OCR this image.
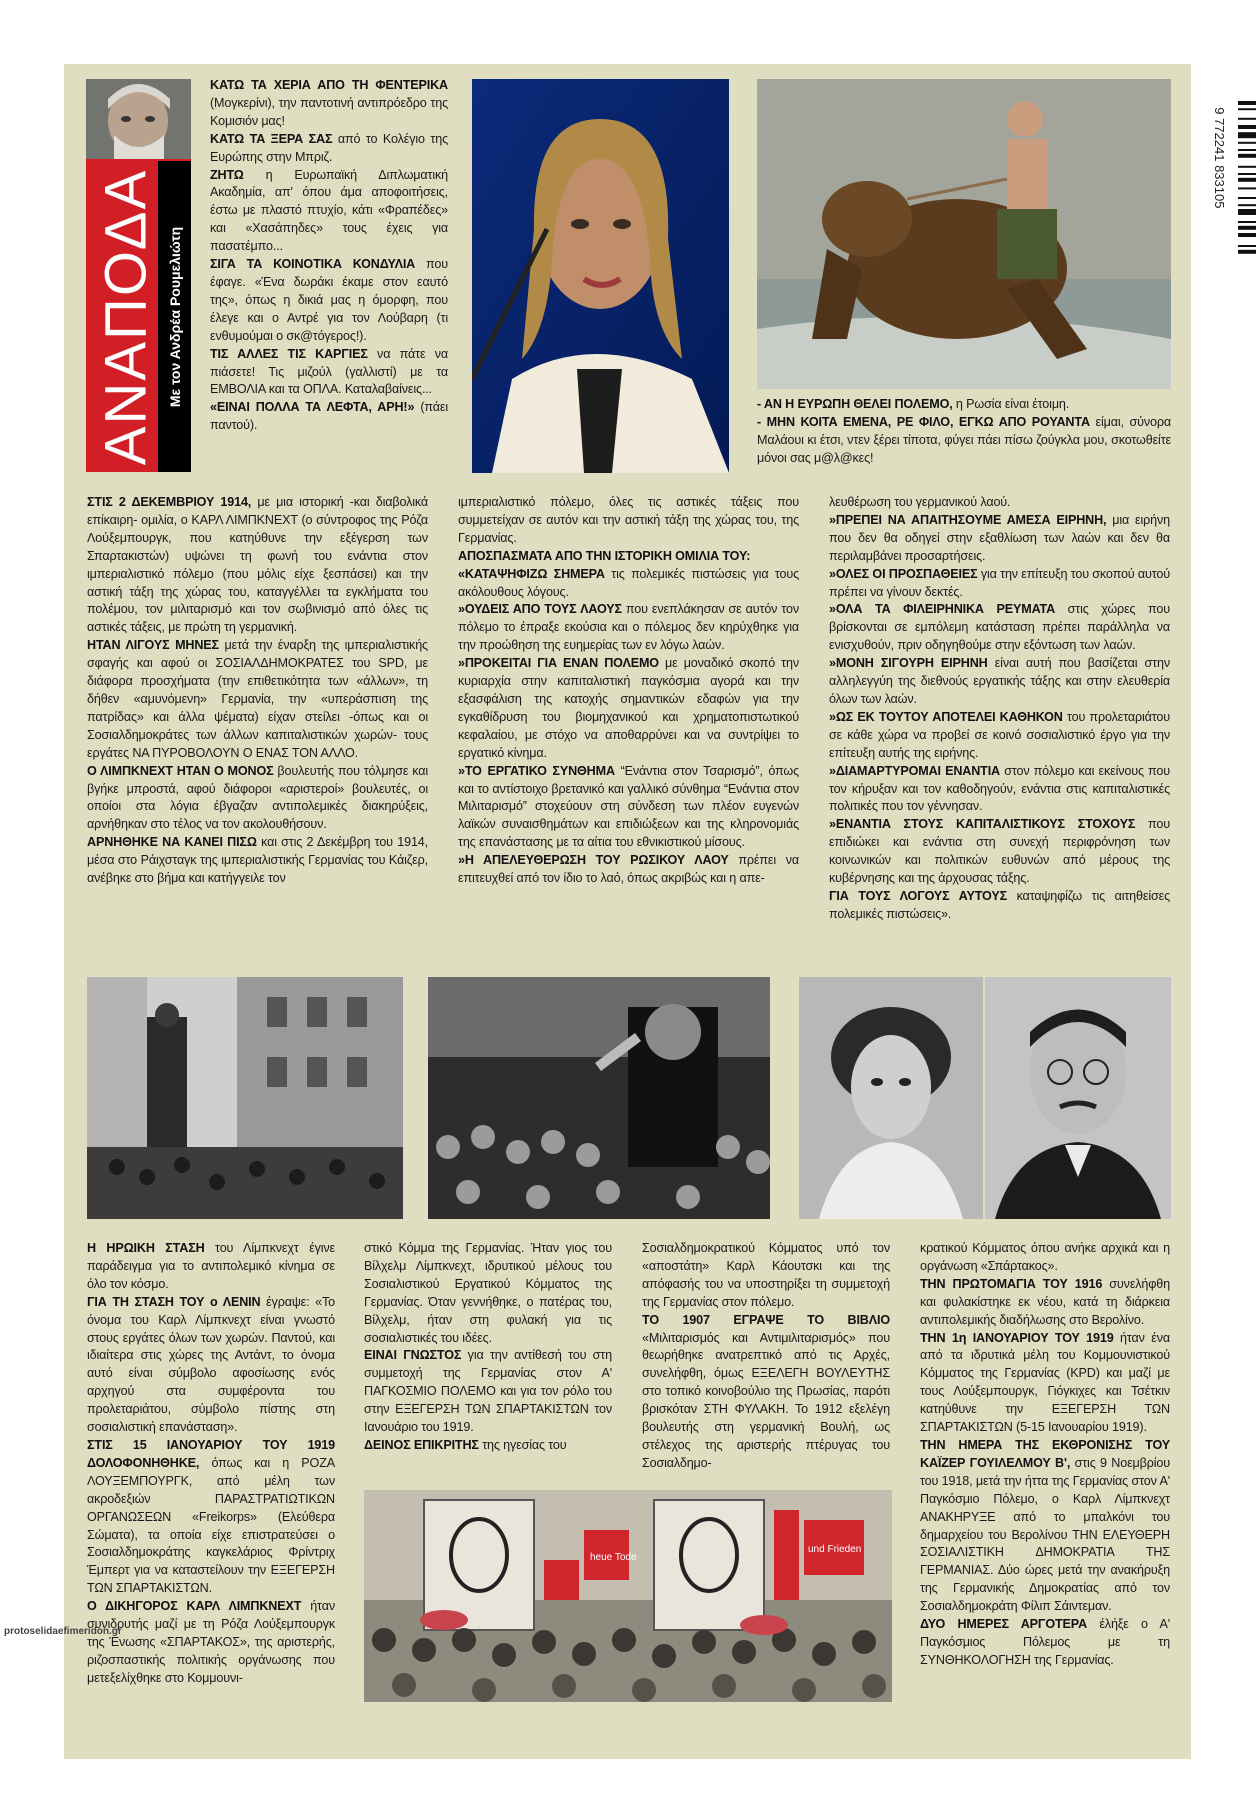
ΑΝΑΠΟΔΑ Με τον Ανδρέα Ρουμελιώτη

ΚΑΤΩ ΤΑ ΧΕΡΙΑ ΑΠΟ ΤΗ ΦΕΝΤΕΡΙΚΑ (Μογκερίνι), την παντοτινή αντιπρόεδρο της Κομισιόν μας!

ΚΑΤΩ ΤΑ ΞΕΡΑ ΣΑΣ από το Κολέγιο της Ευρώπης στην Μπριζ.

ΖΗΤΩ η Ευρωπαϊκή Διπλωματική Ακαδημία, απ' όπου άμα αποφοιτήσεις, έστω με πλαστό πτυχίο, κάτι «Φραπέδες» και «Χασάπηδες» τους έχεις για πασατέμπο...

ΣΙΓΑ ΤΑ ΚΟΙΝΟΤΙΚΑ ΚΟΝΔΥΛΙΑ που έφαγε. «Ένα δωράκι έκαμε στον εαυτό της», όπως η δικιά μας η όμορφη, που έλεγε και ο Αντρέ για τον Λούβαρη (τι ενθυμούμαι ο σκ@τόγερος!).

ΤΙΣ ΑΛΛΕΣ ΤΙΣ ΚΑΡΓΙΕΣ να πάτε να πιάσετε! Τις μιζούλ (γαλλιστί) με τα ΕΜΒΟΛΙΑ και τα ΟΠΛΑ. Καταλαβαίνεις...

«ΕΙΝΑΙ ΠΟΛΛΑ ΤΑ ΛΕΦΤΑ, ΑΡΗ!» (πάει παντού).

- ΑΝ Η ΕΥΡΩΠΗ ΘΕΛΕΙ ΠΟΛΕΜΟ, η Ρωσία είναι έτοιμη.

- ΜΗΝ ΚΟΙΤΑ ΕΜΕΝΑ, ΡΕ ΦΙΛΟ, ΕΓΚΩ ΑΠΟ ΡΟΥΑΝΤΑ είμαι, σύνορα Μαλάουι κι έτσι, ντεν ξέρει τίποτα, φύγει πάει πίσω ζούγκλα μου, σκοτωθείτε μόνοι σας μ@λ@κες!

ΣΤΙΣ 2 ΔΕΚΕΜΒΡΙΟΥ 1914, με μια ιστορική -και διαβολικά επίκαιρη- ομιλία, ο ΚΑΡΛ ΛΙΜΠΚΝΕΧΤ (ο σύντροφος της Ρόζα Λούξεμπουργκ, που κατηύθυνε την εξέγερση των Σπαρτακιστών) υψώνει τη φωνή του ενάντια στον ιμπεριαλιστικό πόλεμο (που μόλις είχε ξεσπάσει) και την αστική τάξη της χώρας του, καταγγέλλει τα εγκλήματα του πολέμου, τον μιλιταρισμό και τον σωβινισμό από όλες τις αστικές τάξεις, με πρώτη τη γερμανική.

ΗΤΑΝ ΛΙΓΟΥΣ ΜΗΝΕΣ μετά την έναρξη της ιμπεριαλιστικής σφαγής και αφού οι ΣΟΣΙΑΛΔΗΜΟΚΡΑΤΕΣ του SPD, με διάφορα προσχήματα (την επιθετικότητα των «άλλων», τη δήθεν «αμυνόμενη» Γερμανία, την «υπεράσπιση της πατρίδας» και άλλα ψέματα) είχαν στείλει -όπως και οι Σοσιαλδημοκράτες των άλλων καπιταλιστικών χωρών- τους εργάτες ΝΑ ΠΥΡΟΒΟΛΟΥΝ Ο ΕΝΑΣ ΤΟΝ ΑΛΛΟ.

Ο ΛΙΜΠΚΝΕΧΤ ΗΤΑΝ Ο ΜΟΝΟΣ βουλευτής που τόλμησε και βγήκε μπροστά, αφού διάφοροι «αριστεροί» βουλευτές, οι οποίοι στα λόγια έβγαζαν αντιπολεμικές διακηρύξεις, αρνήθηκαν στο τέλος να τον ακολουθήσουν.

ΑΡΝΗΘΗΚΕ ΝΑ ΚΑΝΕΙ ΠΙΣΩ και στις 2 Δεκέμβρη του 1914, μέσα στο Ράιχσταγκ της ιμπεριαλιστικής Γερμανίας του Κάιζερ, ανέβηκε στο βήμα και κατήγγειλε τον

ιμπεριαλιστικό πόλεμο, όλες τις αστικές τάξεις που συμμετείχαν σε αυτόν και την αστική τάξη της χώρας του, της Γερμανίας.

ΑΠΟΣΠΑΣΜΑΤΑ ΑΠΟ ΤΗΝ ΙΣΤΟΡΙΚΗ ΟΜΙΛΙΑ ΤΟΥ:

«ΚΑΤΑΨΗΦΙΖΩ ΣΗΜΕΡΑ τις πολεμικές πιστώσεις για τους ακόλουθους λόγους.

»ΟΥΔΕΙΣ ΑΠΟ ΤΟΥΣ ΛΑΟΥΣ που ενεπλάκησαν σε αυτόν τον πόλεμο το έπραξε εκούσια και ο πόλεμος δεν κηρύχθηκε για την προώθηση της ευημερίας των εν λόγω λαών.

»ΠΡΟΚΕΙΤΑΙ ΓΙΑ ΕΝΑΝ ΠΟΛΕΜΟ με μοναδικό σκοπό την κυριαρχία στην καπιταλιστική παγκόσμια αγορά και την εξασφάλιση της κατοχής σημαντικών εδαφών για την εγκαθίδρυση του βιομηχανικού και χρηματοπιστωτικού κεφαλαίου, με στόχο να αποθαρρύνει και να συντρίψει το εργατικό κίνημα.

»ΤΟ ΕΡΓΑΤΙΚΟ ΣΥΝΘΗΜΑ “Ενάντια στον Τσαρισμό”, όπως και το αντίστοιχο βρετανικό και γαλλικό σύνθημα “Ενάντια στον Μιλιταρισμό” στοχεύουν στη σύνδεση των πλέον ευγενών λαϊκών συναισθημάτων και επιδιώξεων και της κληρονομιάς της επανάστασης με τα αίτια του εθνικιστικού μίσους.

»Η ΑΠΕΛΕΥΘΕΡΩΣΗ ΤΟΥ ΡΩΣΙΚΟΥ ΛΑΟΥ πρέπει να επιτευχθεί από τον ίδιο το λαό, όπως ακριβώς και η απε-

λευθέρωση του γερμανικού λαού.

»ΠΡΕΠΕΙ ΝΑ ΑΠΑΙΤΗΣΟΥΜΕ ΑΜΕΣΑ ΕΙΡΗΝΗ, μια ειρήνη που δεν θα οδηγεί στην εξαθλίωση των λαών και δεν θα περιλαμβάνει προσαρτήσεις.

»ΟΛΕΣ ΟΙ ΠΡΟΣΠΑΘΕΙΕΣ για την επίτευξη του σκοπού αυτού πρέπει να γίνουν δεκτές.

»ΟΛΑ ΤΑ ΦΙΛΕΙΡΗΝΙΚΑ ΡΕΥΜΑΤΑ στις χώρες που βρίσκονται σε εμπόλεμη κατάσταση πρέπει παράλληλα να ενισχυθούν, πριν οδηγηθούμε στην εξόντωση των λαών.

»ΜΟΝΗ ΣΙΓΟΥΡΗ ΕΙΡΗΝΗ είναι αυτή που βασίζεται στην αλληλεγγύη της διεθνούς εργατικής τάξης και στην ελευθερία όλων των λαών.

»ΩΣ ΕΚ ΤΟΥΤΟΥ ΑΠΟΤΕΛΕΙ ΚΑΘΗΚΟΝ του προλεταριάτου σε κάθε χώρα να προβεί σε κοινό σοσιαλιστικό έργο για την επίτευξη αυτής της ειρήνης.

»ΔΙΑΜΑΡΤΥΡΟΜΑΙ ΕΝΑΝΤΙΑ στον πόλεμο και εκείνους που τον κήρυξαν και τον καθοδηγούν, ενάντια στις καπιταλιστικές πολιτικές που τον γέννησαν.

»ΕΝΑΝΤΙΑ ΣΤΟΥΣ ΚΑΠΙΤΑΛΙΣΤΙΚΟΥΣ ΣΤΟΧΟΥΣ που επιδιώκει και ενάντια στη συνεχή περιφρόνηση των κοινωνικών και πολιτικών ευθυνών από μέρους της κυβέρνησης και της άρχουσας τάξης.

ΓΙΑ ΤΟΥΣ ΛΟΓΟΥΣ ΑΥΤΟΥΣ καταψηφίζω τις αιτηθείσες πολεμικές πιστώσεις».

Η ΗΡΩΙΚΗ ΣΤΑΣΗ του Λίμπκνεχτ έγινε παράδειγμα για το αντιπολεμικό κίνημα σε όλο τον κόσμο.

ΓΙΑ ΤΗ ΣΤΑΣΗ ΤΟΥ ο ΛΕΝΙΝ έγραψε: «Το όνομα του Καρλ Λίμπκνεχτ είναι γνωστό στους εργάτες όλων των χωρών. Παντού, και ιδιαίτερα στις χώρες της Αντάντ, το όνομα αυτό είναι σύμβολο αφοσίωσης ενός αρχηγού στα συμφέροντα του προλεταριάτου, σύμβολο πίστης στη σοσιαλιστική επανάσταση».

ΣΤΙΣ 15 ΙΑΝΟΥΑΡΙΟΥ ΤΟΥ 1919 ΔΟΛΟΦΟΝΗΘΗΚΕ, όπως και η ΡΟΖΑ ΛΟΥΞΕΜΠΟΥΡΓΚ, από μέλη των ακροδεξιών ΠΑΡΑΣΤΡΑΤΙΩΤΙΚΩΝ ΟΡΓΑΝΩΣΕΩΝ «Freikorps» (Ελεύθερα Σώματα), τα οποία είχε επιστρατεύσει ο Σοσιαλδημοκράτης καγκελάριος Φρίντριχ Έμπερτ για να καταστείλουν την ΕΞΕΓΕΡΣΗ ΤΩΝ ΣΠΑΡΤΑΚΙΣΤΩΝ.

Ο ΔΙΚΗΓΟΡΟΣ ΚΑΡΛ ΛΙΜΠΚΝΕΧΤ ήταν συνιδρυτής μαζί με τη Ρόζα Λούξεμπουργκ της Ένωσης «ΣΠΑΡΤΑΚΟΣ», της αριστερής, ριζοσπαστικής πολιτικής οργάνωσης που μετεξελίχθηκε στο Κομμουνι-

στικό Κόμμα της Γερμανίας. Ήταν γιος του Βίλχελμ Λίμπκνεχτ, ιδρυτικού μέλους του Σοσιαλιστικού Εργατικού Κόμματος της Γερμανίας. Όταν γεννήθηκε, ο πατέρας του, Βίλχελμ, ήταν στη φυλακή για τις σοσιαλιστικές του ιδέες.

ΕΙΝΑΙ ΓΝΩΣΤΟΣ για την αντίθεσή του στη συμμετοχή της Γερμανίας στον Α' ΠΑΓΚΟΣΜΙΟ ΠΟΛΕΜΟ και για τον ρόλο του στην ΕΞΕΓΕΡΣΗ ΤΩΝ ΣΠΑΡΤΑΚΙΣΤΩΝ τον Ιανουάριο του 1919.

ΔΕΙΝΟΣ ΕΠΙΚΡΙΤΗΣ της ηγεσίας του

Σοσιαλδημοκρατικού Κόμματος υπό τον «αποστάτη» Καρλ Κάουτσκι και της απόφασής του να υποστηρίξει τη συμμετοχή της Γερμανίας στον πόλεμο.

ΤΟ 1907 ΕΓΡΑΨΕ ΤΟ ΒΙΒΛΙΟ «Μιλιταρισμός και Αντιμιλιταρισμός» που θεωρήθηκε ανατρεπτικό από τις Αρχές, συνελήφθη, όμως ΕΞΕΛΕΓΗ ΒΟΥΛΕΥΤΗΣ στο τοπικό κοινοβούλιο της Πρωσίας, παρότι βρισκόταν ΣΤΗ ΦΥΛΑΚΗ. Το 1912 εξελέγη βουλευτής στη γερμανική Βουλή, ως στέλεχος της αριστερής πτέρυγας του Σοσιαλδημο-

κρατικού Κόμματος όπου ανήκε αρχικά και η οργάνωση «Σπάρτακος».

ΤΗΝ ΠΡΩΤΟΜΑΓΙΑ ΤΟΥ 1916 συνελήφθη και φυλακίστηκε εκ νέου, κατά τη διάρκεια αντιπολεμικής διαδήλωσης στο Βερολίνο.

ΤΗΝ 1η ΙΑΝΟΥΑΡΙΟΥ ΤΟΥ 1919 ήταν ένα από τα ιδρυτικά μέλη του Κομμουνιστικού Κόμματος της Γερμανίας (KPD) και μαζί με τους Λούξεμπουργκ, Γιόγκιχες και Τσέτκιν κατηύθυνε την ΕΞΕΓΕΡΣΗ ΤΩΝ ΣΠΑΡΤΑΚΙΣΤΩΝ (5-15 Ιανουαρίου 1919).

ΤΗΝ ΗΜΕΡΑ ΤΗΣ ΕΚΘΡΟΝΙΣΗΣ ΤΟΥ ΚΑΪΖΕΡ ΓΟΥΙΛΕΛΜΟΥ Β', στις 9 Νοεμβρίου του 1918, μετά την ήττα της Γερμανίας στον Α' Παγκόσμιο Πόλεμο, ο Καρλ Λίμπκνεχτ ΑΝΑΚΗΡΥΞΕ από το μπαλκόνι του δημαρχείου του Βερολίνου ΤΗΝ ΕΛΕΥΘΕΡΗ ΣΟΣΙΑΛΙΣΤΙΚΗ ΔΗΜΟΚΡΑΤΙΑ ΤΗΣ ΓΕΡΜΑΝΙΑΣ. Δύο ώρες μετά την ανακήρυξη της Γερμανικής Δημοκρατίας από τον Σοσιαλδημοκράτη Φίλιπ Σάιντεμαν.

ΔΥΟ ΗΜΕΡΕΣ ΑΡΓΟΤΕΡΑ έλήξε ο Α' Παγκόσμιος Πόλεμος με τη ΣΥΝΘΗΚΟΛΟΓΗΣΗ της Γερμανίας.

heue Tode
und Frieden

9 772241 833105

protoselidaefimeridon.gr
